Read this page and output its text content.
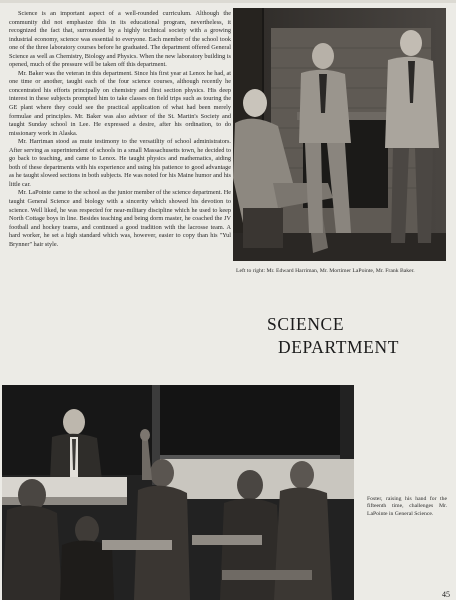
Science is an important aspect of a well-rounded curriculum. Although the community did not emphasize this in its educational program, nevertheless, it recognized the fact that, surrounded by a highly technical society with a growing industrial economy, science was essential to everyone. Each member of the school took one of the three laboratory courses before he graduated. The department offered General Science as well as Chemistry, Biology and Physics. When the new laboratory building is opened, much of the pressure will be taken off this department.

Mr. Baker was the veteran in this department. Since his first year at Lenox he had, at one time or another, taught each of the four science courses, although recently he concentrated his efforts principally on chemistry and first section physics. His deep interest in these subjects prompted him to take classes on field trips such as touring the GE plant where they could see the practical application of what had been merely formulae and principles. Mr. Baker was also advisor of the St. Martin's Society and taught Sunday school in Lee. He expressed a desire, after his ordination, to do missionary work in Alaska.

Mr. Harriman stood as mute testimony to the versatility of school administrators. After serving as superintendent of schools in a small Massachusetts town, he decided to go back to teaching, and came to Lenox. He taught physics and mathematics, aiding both of these departments with his experience and using his patience to good advantage as he taught slowed sections in both subjects. He was noted for his Maine humor and his little car.

Mr. LaPointe came to the school as the junior member of the science department. He taught General Science and biology with a sincerity which showed his devotion to science. Well liked, he was respected for near-military discipline which he used to keep North Cottage boys in line. Besides teaching and being dorm master, he coached the JV football and hockey teams, and continued a good tradition with the lacrosse team. A hard worker, he set a high standard which was, however, easier to copy than his "Yul Brynner" hair style.

Left to right: Mr. Edward Harriman, Mr. Mortimer LaPointe, Mr. Frank Baker.
SCIENCE
DEPARTMENT
Foster, raising his hand for the fifteenth time, challenges Mr. LaPointe in General Science.
45
